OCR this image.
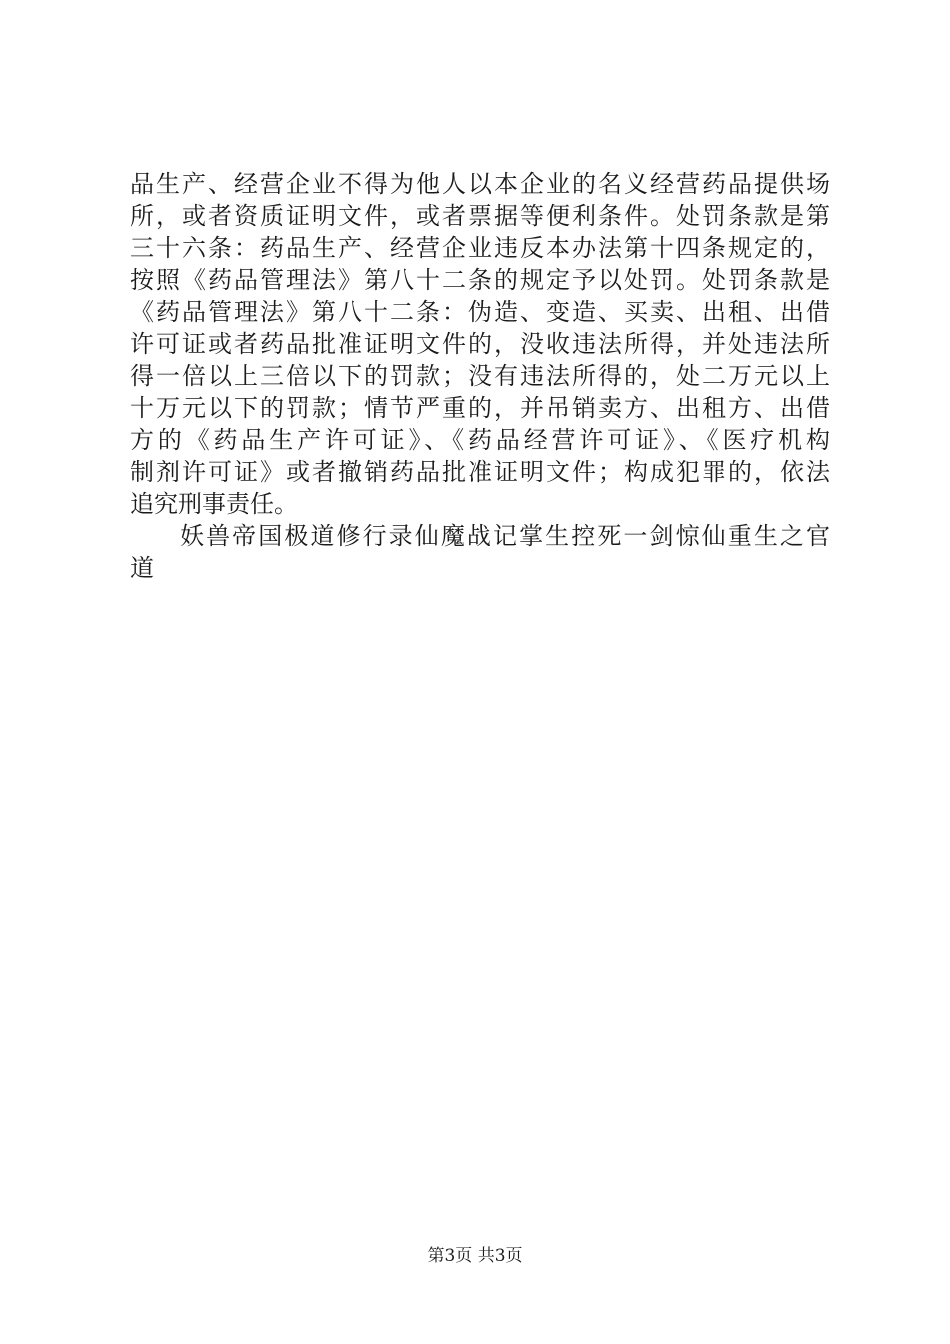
品生产、经营企业不得为他人以本企业的名义经营药品提供场
所，或者资质证明文件，或者票据等便利条件。处罚条款是第
三十六条：药品生产、经营企业违反本办法第十四条规定的，
按照《药品管理法》第八十二条的规定予以处罚。处罚条款是
《药品管理法》第八十二条：伪造、变造、买卖、出租、出借
许可证或者药品批准证明文件的，没收违法所得，并处违法所
得一倍以上三倍以下的罚款；没有违法所得的，处二万元以上
十万元以下的罚款；情节严重的，并吊销卖方、出租方、出借
方的《药品生产许可证》、《药品经营许可证》、《医疗机构
制剂许可证》或者撤销药品批准证明文件；构成犯罪的，依法
追究刑事责任。
妖兽帝国极道修行录仙魔战记掌生控死一剑惊仙重生之官
道
第3页 共3页
